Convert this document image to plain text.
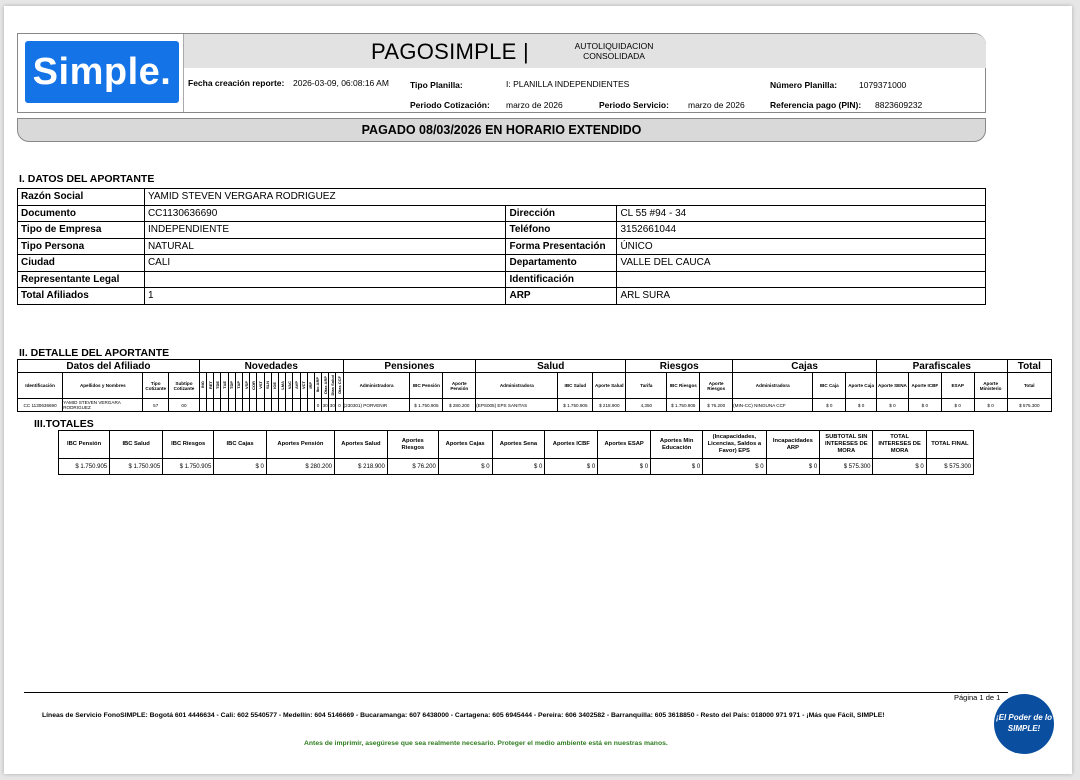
Simple.	PAGOSIMPLE |	AUTOLIQUIDACION
CONSOLIDADA
Fecha creación reporte: 2026-03-09, 06:08:16 AM Tipo Planilla:	I: PLANILLA INDEPENDIENTES	Número Planilla:	1079371000
Periodo Cotización: marzo de 2026	Periodo Servicio: marzo de 2026	Referencia pago (PIN): 8823609232
PAGADO 08/03/2026 EN HORARIO EXTENDIDO
I. DATOS DEL APORTANTE
Razón Social	YAMID STEVEN VERGARA RODRIGUEZ		
Documento	CC1130636690	Dirección	CL 55 #94 - 34
Tipo de Empresa	INDEPENDIENTE	Teléfono	3152661044
Tipo Persona	NATURAL	Forma Presentación	ÚNICO
Ciudad	CALI	Departamento	VALLE DEL CAUCA
Representante Legal		Identificación	
Total Afiliados	1	ARP	ARL SURA
II. DETALLE DEL APORTANTE
Datos del Afiliado				Novedades																				Pensiones			Salud			Riesgos			Cajas			Parafiscales				Total
Identificación	Apellidos y Nombres	Tipo Cotizante	Subtipo Cotizante	ING	RET	TDE	TAE	TDP	TAP	VSP	COR	VST	SLN	IGE	LMA	VAC	AVP	VCT	IRP	Ibc ARP	Dias ARP	Dias Salud	Dias CCF	Administradora	IBC Pensión	Aporte Pensión	Administradora	IBC Salud	Aporte Salud	Tarifa	IBC Riesgos	Aporte Riesgos	Administradora	IBC Caja	Aporte Caja	Aporte SENA	Aporte ICBF	ESAP	Aporte Ministerio	Total
CC 1130636690	YAMID STEVEN VERGARA RODRIGUEZ	57	00																	0	30	30	0	(230301) PORVENIR	$ 1.750.905	$ 280.200	(EPS005) EPS SANITAS	$ 1.750.905	$ 218.900	4,350	$ 1.750.905	$ 76.200	(MIN-CC) NINGUNA CCF	$ 0	$ 0	$ 0	$ 0	$ 0	$ 0	$ 575.300
III.TOTALES
IBC Pensión	IBC Salud	IBC Riesgos	IBC Cajas	Aportes Pensión	Aportes Salud	Aportes Riesgos	Aportes Cajas	Aportes Sena	Aportes ICBF	Aportes ESAP	Aportes Min Educación	(Incapacidades, Licencias, Saldos a Favor) EPS	Incapacidades ARP	SUBTOTAL SIN INTERESES DE MORA	TOTAL INTERESES DE MORA	TOTAL FINAL
$ 1.750.905	$ 1.750.905	$ 1.750.905	$ 0	$ 280.200	$ 218.900	$ 76.200	$ 0	$ 0	$ 0	$ 0	$ 0	$ 0	$ 0	$ 575.300	$ 0	$ 575.300
Página 1 de 1
Líneas de Servicio FonoSIMPLE: Bogotá 601 4446634 - Cali: 602 5540577 - Medellín: 604 5146669 - Bucaramanga: 607 6438000 - Cartagena: 605 6945444 - Pereira: 606 3402582 - Barranquilla: 605 3618850 - Resto del País: 018000 971 971 - ¡Más que Fácil, SIMPLE!
Antes de imprimir, asegúrese que sea realmente necesario. Proteger el medio ambiente está en nuestras manos.
¡El Poder de lo SIMPLE!
